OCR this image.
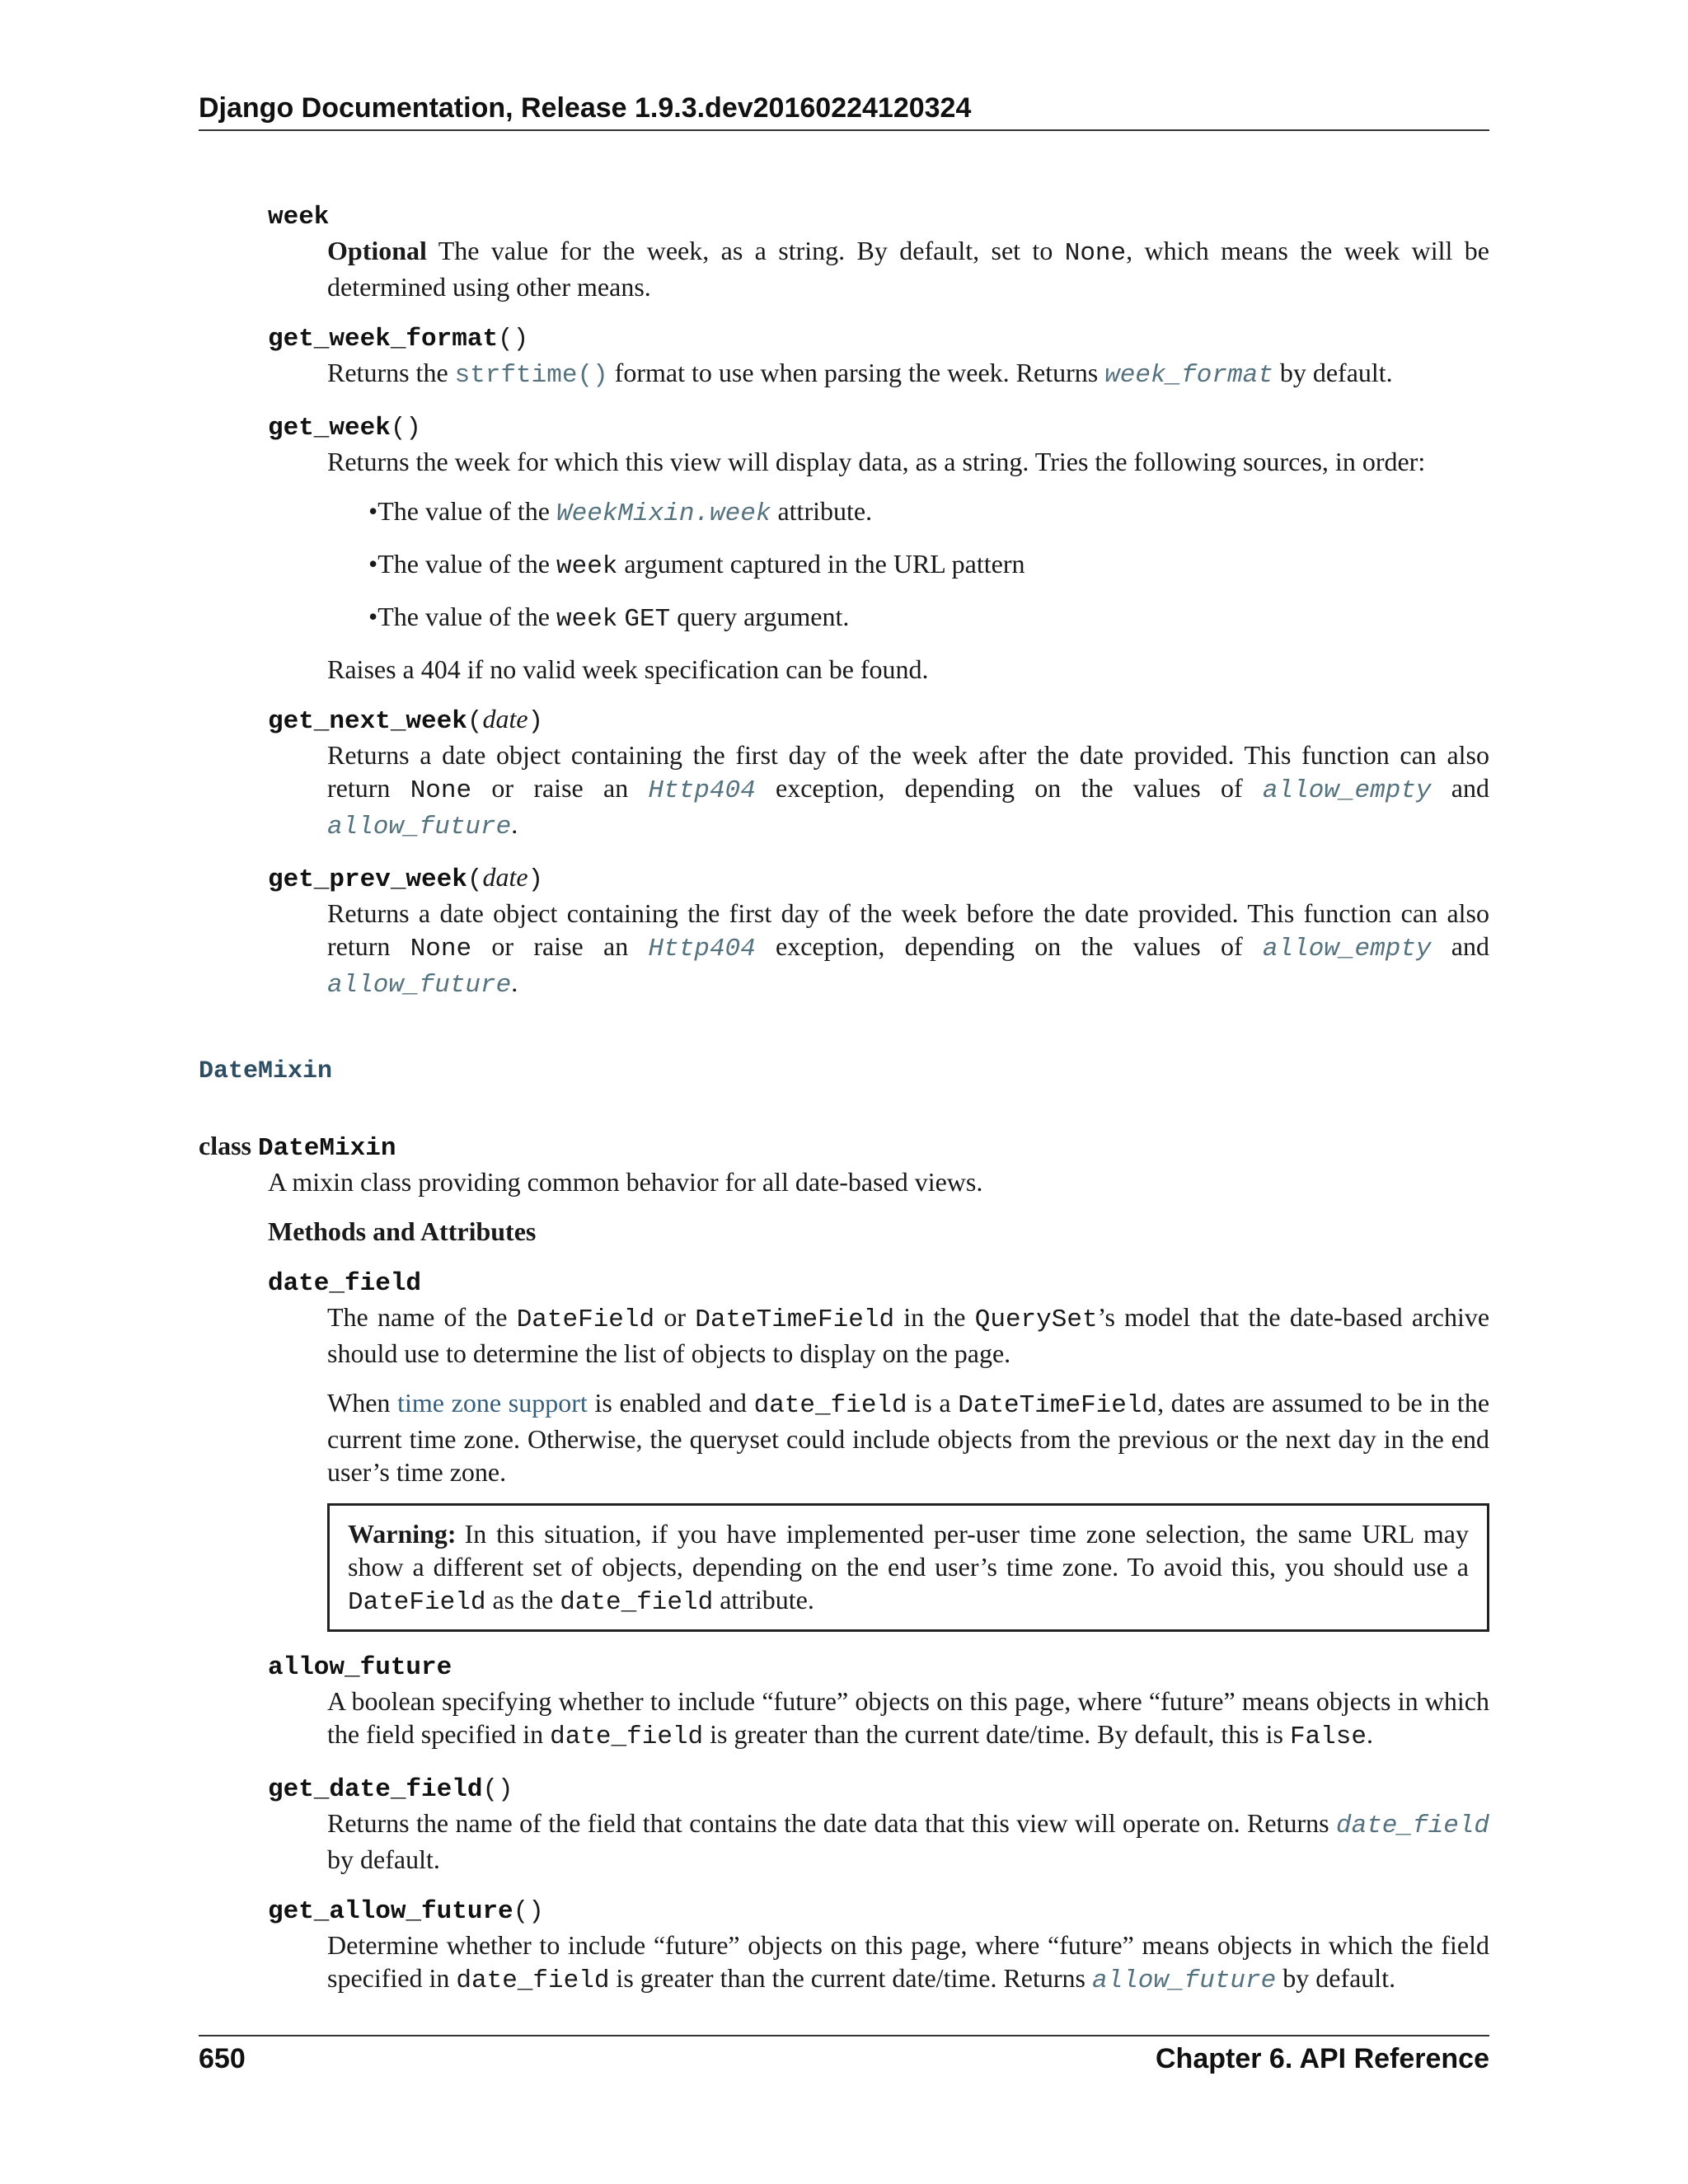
Django Documentation, Release 1.9.3.dev20160224120324
week

Optional The value for the week, as a string. By default, set to None, which means the week will be determined using other means.

get_week_format()

Returns the strftime() format to use when parsing the week. Returns week_format by default.

get_week()

Returns the week for which this view will display data, as a string. Tries the following sources, in order:

•The value of the WeekMixin.week attribute.
•The value of the week argument captured in the URL pattern
•The value of the week GET query argument.

Raises a 404 if no valid week specification can be found.

get_next_week(date)

Returns a date object containing the first day of the week after the date provided. This function can also return None or raise an Http404 exception, depending on the values of allow_empty and allow_future.

get_prev_week(date)

Returns a date object containing the first day of the week before the date provided. This function can also return None or raise an Http404 exception, depending on the values of allow_empty and allow_future.

DateMixin
class DateMixin

A mixin class providing common behavior for all date-based views.

Methods and Attributes

date_field

The name of the DateField or DateTimeField in the QuerySet’s model that the date-based archive should use to determine the list of objects to display on the page.

When time zone support is enabled and date_field is a DateTimeField, dates are assumed to be in the current time zone. Otherwise, the queryset could include objects from the previous or the next day in the end user’s time zone.

Warning: In this situation, if you have implemented per-user time zone selection, the same URL may show a different set of objects, depending on the end user’s time zone. To avoid this, you should use a DateField as the date_field attribute.
allow_future

A boolean specifying whether to include “future” objects on this page, where “future” means objects in which the field specified in date_field is greater than the current date/time. By default, this is False.

get_date_field()

Returns the name of the field that contains the date data that this view will operate on. Returns date_field by default.

get_allow_future()

Determine whether to include “future” objects on this page, where “future” means objects in which the field specified in date_field is greater than the current date/time. Returns allow_future by default.

650	Chapter 6. API Reference
